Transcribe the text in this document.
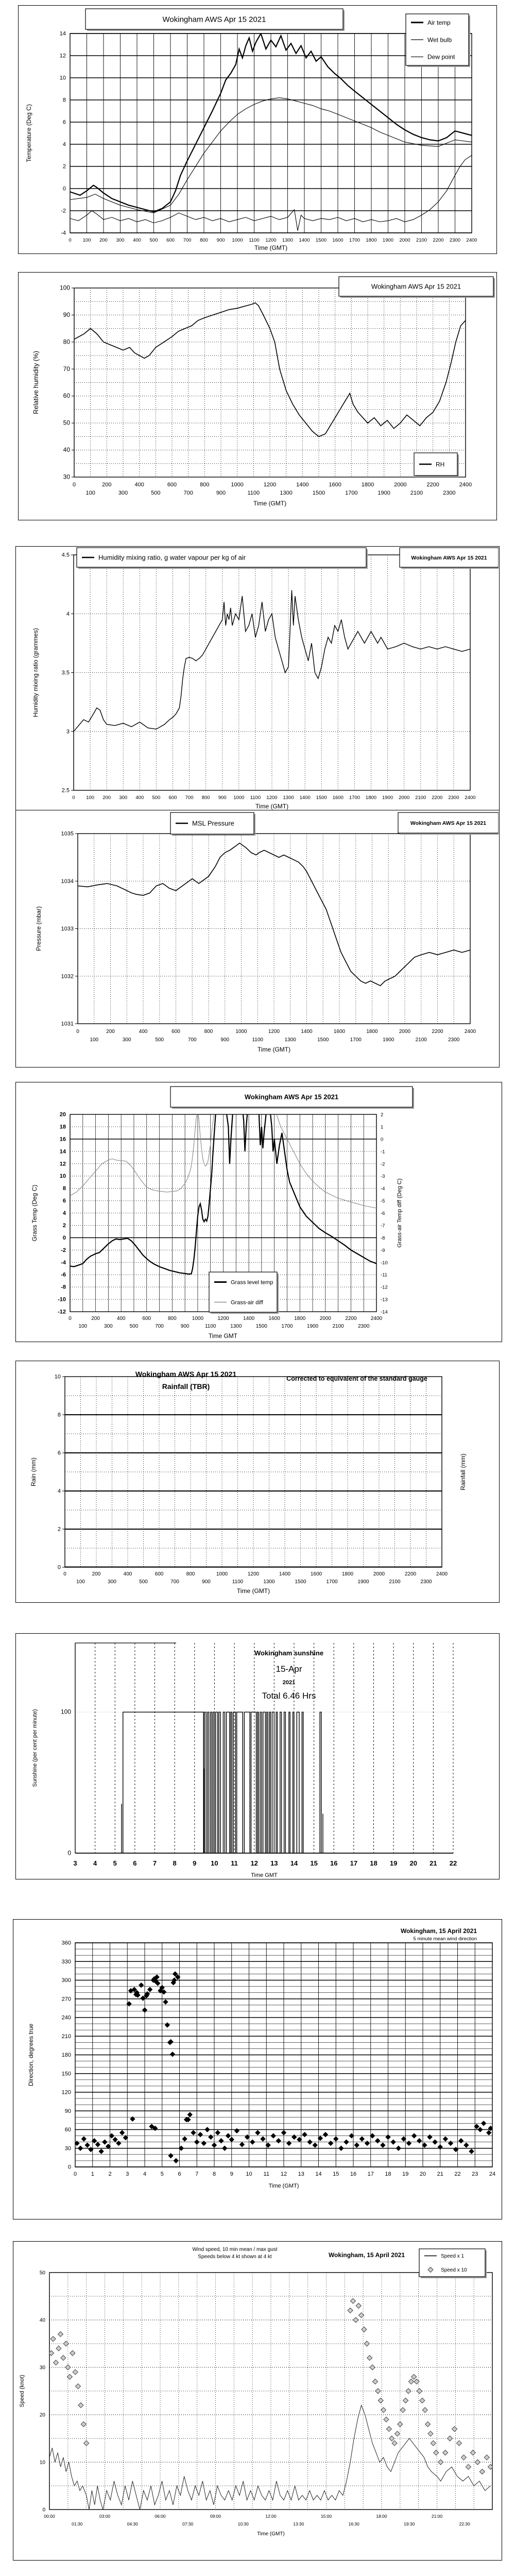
-4
-2
0
2
4
6
8
10
12
14
0 100 200 300 400 500 600 700 800 900 1000 1100 1200 1300 1400 1500 1600 1700 1800 1900 2000 2100 2200 2300 2400
Time (GMT)
Temperature (Deg C)
Wokingham AWS Apr 15 2021	Air temp
Wet bulb
Dew point
30
40
50
60
70
80
90
100
0	200	400	600	800	1000	1200	1400	1600	1800	2000	2200	2400
100	300	500	700	900	1100	1300	1500	1700	1900	2100	2300
Time (GMT)
Relative humidity (%)
Wokingham AWS Apr 15 2021
RH
2.5
3
3.5
4
4.5
0 100 200 300 400 500 600 700 800 900 1000 1100 1200 1300 1400 1500 1600 1700 1800 1900 2000 2100 2200 2300 2400
Time (GMT)
Humidity mixing ratio (grammes)
Wokingham AWS Apr 15 2021
Humidity mixing ratio, g water vapour per kg of air
1031
1032
1033
1034
1035
0	200	400	600	800	1000	1200	1400	1600	1800	2000	2200	2400
100	300	500	700	900	1100	1300	1500	1700	1900	2100	2300
Time (GMT)
Pressure (mbar)
Wokingham AWS Apr 15 2021
MSL Pressure
-12
-10
-8
-6
-4
-2
0
2
4
6
8
10
12
14
16
18
20
-14
-13
-12
-11
-10
-9
-8
-7
-6
-5
-4
-3
-2
-1
0
1
2
0	200	400	600	800	1000	1200	1400	1600	1800	2000	2200	2400
100	300	500	700	900	1100	1300	1500	1700	1900	2100	2300
Time GMT
Grass Temp (Deg C)	Grass-air Temp diff (Deg C)
Wokingham AWS Apr 15 2021
Grass level temp
Grass-air diff
0
2
4
6
8
10
0	200	400	600	800	1000	1200	1400	1600	1800	2000	2200	2400
100	300	500	700	900	1100	1300	1500	1700	1900	2100	2300
Time (GMT)
Rain (mm)	Rainfall (mm)
Wokingham AWS Apr 15 2021
Rainfall (TBR)
Corrected to equivalent of the standard gauge
0
100
3 4 5 6 7 8 9 10 11 12 13 14 15 16 17 18 19 20 21 22
Time GMT
Sunshine (per cent per minute)
Wokingham sunshine
15-Apr
2021
Total 6.46 Hrs
0
30
60
90
120
150
180
210
240
270
300
330
360
0	1	2	3	4	5	6	7	8	9 10 11 12 13 14 15 16 17 18 19 20 21 22 23 24
Time (GMT)
Direction, degrees true
Wokingham, 15 April 2021
5 minute mean wind direction
0
10
20
30
40
50
00:00	03:00	06:00	09:00	12:00	15:00	18:00	21:00
01:30	04:30	07:30	10:30	13:30	16:30	19:30	22:30
Time (GMT)
Speed (knot)
Speed x 1
Speed x 10
Wind speed, 10 min mean / max gust
Speeds below 4 kt shown at 4 kt	Wokingham, 15 April 2021
